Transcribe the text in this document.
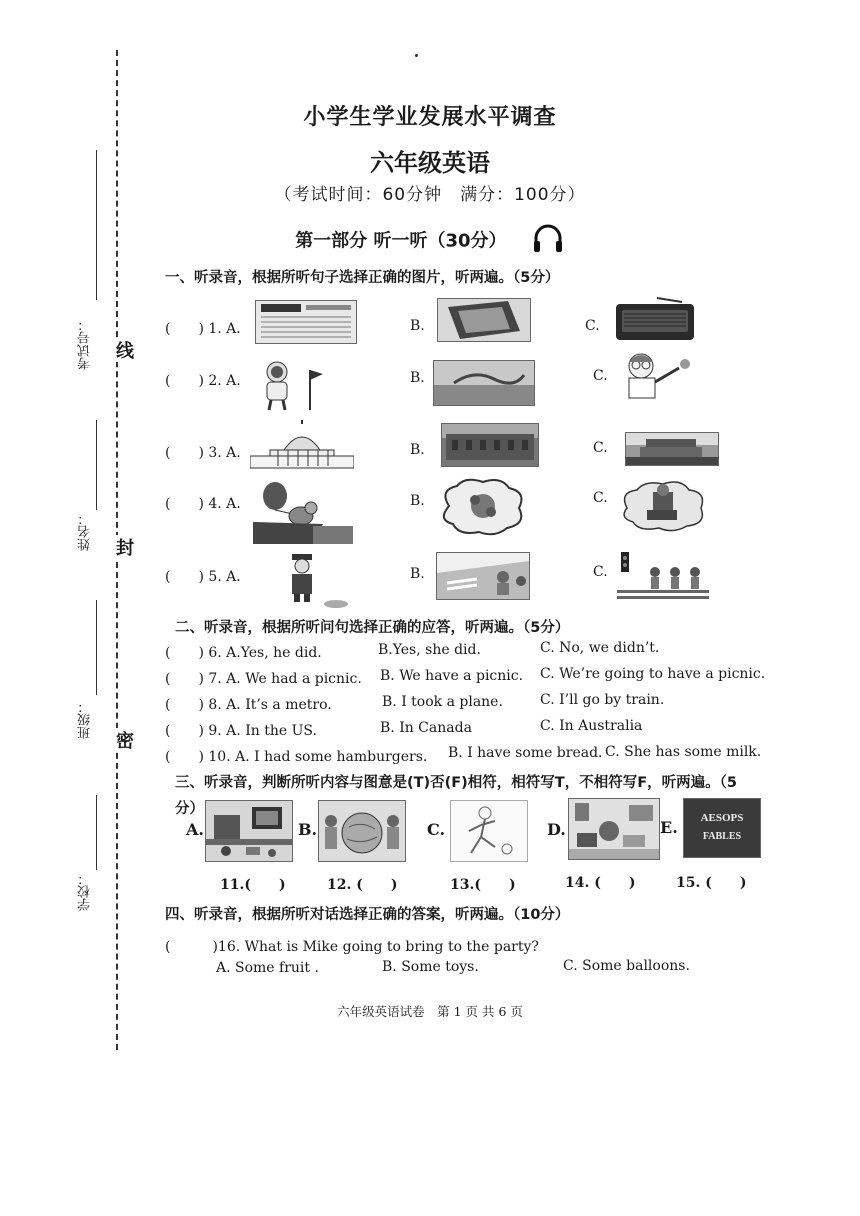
考试号：
姓名：
班级：
学校：
线
封
密
小学生学业发展水平调查
六年级英语
（考试时间：60分钟　满分：100分）
第一部分 听一听（30分）
一、听录音，根据所听句子选择正确的图片，听两遍。（5分）
(　　) 1. A.	B.	C.
(　　) 2. A.	B.	C.
(　　) 3. A.	B.	C.
(　　) 4. A.	B.	C.
(　　) 5. A.	B.	C.
二、听录音，根据所听问句选择正确的应答，听两遍。（5分）
(　　) 6. A.Yes, he did.	B.Yes, she did.	C. No, we didn’t.
(　　) 7. A. We had a picnic. B. We have a picnic. C. We’re going to have a picnic.
(　　) 8. A. It’s a metro.	B. I took a plane.	C. I’ll go by train.
(　　) 9. A. In the US.	B. In Canada	C. In Australia
(　　) 10. A. I had some hamburgers. B. I have some bread. C. She has some milk.
三、听录音，判断所听内容与图意是(T)否(F)相符，相符写T，不相符写F，听两遍。（5
分）
A.
11.(　　)
B.
12. (　　)
C.
13.(　　)
D.
14. (　　)
E. AESOPS
FABLES
15. (　　)
四、听录音，根据所听对话选择正确的答案，听两遍。（10分）
(　　　)16. What is Mike going to bring to the party?
A. Some fruit .	B. Some toys.	C. Some balloons.
六年级英语试卷　第 1 页 共 6 页
